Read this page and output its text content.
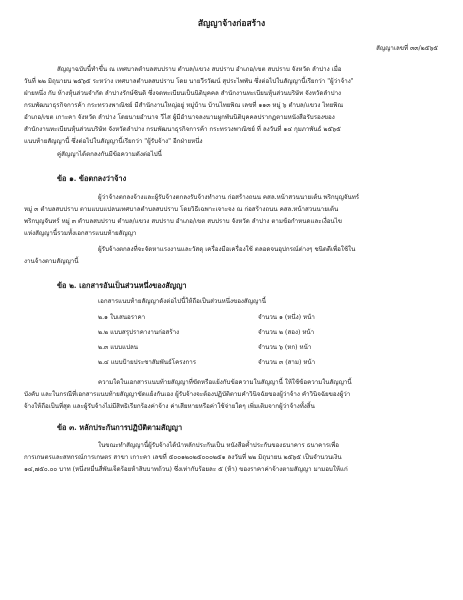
สัญญาจ้างก่อสร้าง
สัญญาเลขที่ ๓๓/๒๕๖๕
สัญญาฉบับนี้ทำขึ้น ณ เทศบาลตำบลสบปราบ ตำบล/แขวง สบปราบ อำเภอ/เขต สบปราบ จังหวัด ลำปาง เมื่อ
วันที่ ๒๒ มิถุนายน ๒๕๖๕ ระหว่าง เทศบาลตำบลสบปราบ โดย นายวีรวัฒน์ สุประไพพัน ซึ่งต่อไปในสัญญานี้เรียกว่า "ผู้ว่าจ้าง"
ฝ่ายหนึ่ง กับ ห้างหุ้นส่วนจำกัด ลำปางรักษ์ซินดิ ซึ่งจดทะเบียนเป็นนิติบุคคล สำนักงานทะเบียนหุ้นส่วนบริษัท จังหวัดลำปาง
กรมพัฒนาธุรกิจการค้า กระทรวงพาณิชย์ มีสำนักงานใหญ่อยู่ หมู่บ้าน บ้านไทยพิณ เลขที่ ๑๑๓ หมู่ ๖ ตำบล/แขวง ไทยพิณ
อำเภอ/เขต เกาะคา จังหวัด ลำปาง โดยนายอำนาจ วีไส ผู้มีอำนาจลงนามผูกพันนิติบุคคลปรากฏตามหนังสือรับรองของ
สำนักงานทะเบียนหุ้นส่วนบริษัท จังหวัดลำปาง กรมพัฒนาธุรกิจการค้า กระทรวงพาณิชย์ ที่ ลงวันที่ ๑๔ กุมภาพันธ์ ๒๕๖๕
แนบท้ายสัญญานี้ ซึ่งต่อไปในสัญญานี้เรียกว่า "ผู้รับจ้าง" อีกฝ่ายหนึ่ง
คู่สัญญาได้ตกลงกันมีข้อความดังต่อไปนี้
ข้อ ๑. ข้อตกลงว่าจ้าง
ผู้ว่าจ้างตกลงจ้างและผู้รับจ้างตกลงรับจ้างทำงาน ก่อสร้างถนน คสล.หน้าสวนนายเต้น พริกบุญจันทร์
หมู่ ๓ ตำบลสบปราบ ตามแบบแปลนเทศบาลตำบลสบปราบ โดยวิธีเฉพาะเจาะจง ณ ก่อสร้างถนน คสล.หน้าสวนนายเต้น
พริกบุญจันทร์ หมู่ ๓ ตำบลสบปราบ ตำบล/แขวง สบปราบ อำเภอ/เขต สบปราบ จังหวัด ลำปาง ตามข้อกำหนดและเงื่อนไข
แห่งสัญญานี้รวมทั้งเอกสารแนบท้ายสัญญา
ผู้รับจ้างตกลงที่จะจัดหาแรงงานและวัสดุ เครื่องมือเครื่องใช้ ตลอดจนอุปกรณ์ต่างๆ ชนิดดีเพื่อใช้ใน
งานจ้างตามสัญญานี้
ข้อ ๒. เอกสารอันเป็นส่วนหนึ่งของสัญญา
เอกสารแนบท้ายสัญญาดังต่อไปนี้ให้ถือเป็นส่วนหนึ่งของสัญญานี้
๒.๑ ใบเสนอราคา	จำนวน ๑ (หนึ่ง) หน้า
๒.๒ แบบสรุปราคางานก่อสร้าง	จำนวน ๒ (สอง) หน้า
๒.๓ แบบแปลน	จำนวน ๖ (หก) หน้า
๒.๔ แบบป้ายประชาสัมพันธ์โครงการ	จำนวน ๓ (สาม) หน้า
ความใดในเอกสารแนบท้ายสัญญาที่ขัดหรือแย้งกับข้อความในสัญญานี้ ให้ใช้ข้อความในสัญญานี้
บังคับ และในกรณีที่เอกสารแนบท้ายสัญญาขัดแย้งกันเอง ผู้รับจ้างจะต้องปฏิบัติตามคำวินิจฉัยของผู้ว่าจ้าง คำวินิจฉัยของผู้ว่า
จ้างให้ถือเป็นที่สุด และผู้รับจ้างไม่มีสิทธิเรียกร้องค่าจ้าง ค่าเสียหายหรือค่าใช้จ่ายใดๆ เพิ่มเติมจากผู้ว่าจ้างทั้งสิ้น
ข้อ ๓. หลักประกันการปฏิบัติตามสัญญา
ในขณะทำสัญญานี้ผู้รับจ้างได้นำหลักประกันเป็น หนังสือค้ำประกันของธนาคาร ธนาคารเพื่อ
การเกษตรและสหกรณ์การเกษตร สาขา เกาะคา เลขที่ ๕๐๐๑๒๐๒๕๐๐๐๒๕๑ ลงวันที่ ๒๒ มิถุนายน ๒๕๖๕ เป็นจำนวนเงิน
๑๔,๗๕๐.๐๐ บาท (หนึ่งหมื่นสี่พันเจ็ดร้อยห้าสิบบาทถ้วน) ซึ่งเท่ากับร้อยละ ๕ (ห้า) ของราคาค่าจ้างตามสัญญา มามอบให้แก่
